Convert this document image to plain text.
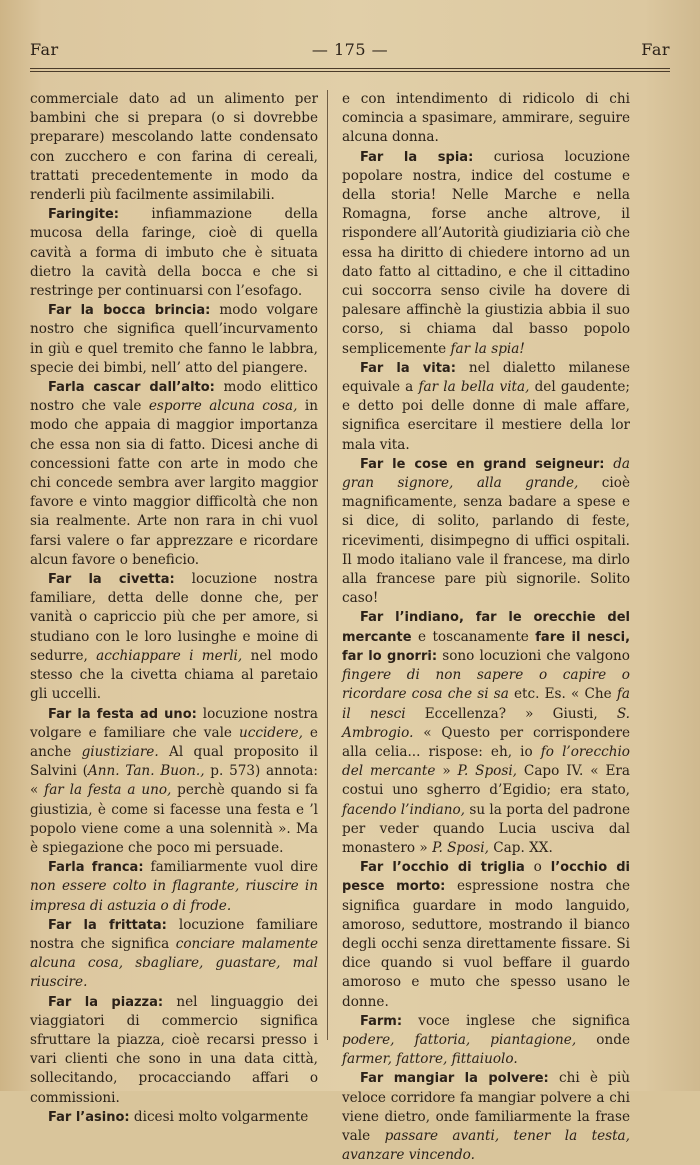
Far	— 175 —	Far

commerciale dato ad un alimento per bambini che si prepara (o si dovrebbe preparare) mescolando latte condensato con zucchero e con farina di cereali, trattati precedentemente in modo da renderli più facilmente assimilabili.

Faringite: infiammazione della mucosa della faringe, cioè di quella cavità a forma di imbuto che è situata dietro la cavità della bocca e che si restringe per continuarsi con l’esofago.

Far la bocca brincia: modo volgare nostro che significa quell’incurvamento in giù e quel tremito che fanno le labbra, specie dei bimbi, nell’ atto del piangere.

Farla cascar dall’alto: modo elittico nostro che vale esporre alcuna cosa, in modo che appaia di maggior importanza che essa non sia di fatto. Dicesi anche di concessioni fatte con arte in modo che chi concede sembra aver largito maggior favore e vinto maggior difficoltà che non sia realmente. Arte non rara in chi vuol farsi valere o far apprezzare e ricordare alcun favore o beneficio.

Far la civetta: locuzione nostra familiare, detta delle donne che, per vanità o capriccio più che per amore, si studiano con le loro lusinghe e moine di sedurre, acchiappare i merli, nel modo stesso che la civetta chiama al paretaio gli uccelli.

Far la festa ad uno: locuzione nostra volgare e familiare che vale uccidere, e anche giustiziare. Al qual proposito il Salvini (Ann. Tan. Buon., p. 573) annota: « far la festa a uno, perchè quando si fa giustizia, è come si facesse una festa e ’l popolo viene come a una solennità ». Ma è spiegazione che poco mi persuade.

Farla franca: familiarmente vuol dire non essere colto in flagrante, riuscire in impresa di astuzia o di frode.

Far la frittata: locuzione familiare nostra che significa conciare malamente alcuna cosa, sbagliare, guastare, mal riuscire.

Far la piazza: nel linguaggio dei viaggiatori di commercio significa sfruttare la piazza, cioè recarsi presso i vari clienti che sono in una data città, sollecitando, procacciando affari o commissioni.

Far l’asino: dicesi molto volgarmente

e con intendimento di ridicolo di chi comincia a spasimare, ammirare, seguire alcuna donna.

Far la spia: curiosa locuzione popolare nostra, indice del costume e della storia! Nelle Marche e nella Romagna, forse anche altrove, il rispondere all’Autorità giudiziaria ciò che essa ha diritto di chiedere intorno ad un dato fatto al cittadino, e che il cittadino cui soccorra senso civile ha dovere di palesare affinchè la giustizia abbia il suo corso, si chiama dal basso popolo semplicemente far la spia!

Far la vita: nel dialetto milanese equivale a far la bella vita, del gaudente; e detto poi delle donne di male affare, significa esercitare il mestiere della lor mala vita.

Far le cose en grand seigneur: da gran signore, alla grande, cioè magnificamente, senza badare a spese e si dice, di solito, parlando di feste, ricevimenti, disimpegno di uffici ospitali. Il modo italiano vale il francese, ma dirlo alla francese pare più signorile. Solito caso!

Far l’indiano, far le orecchie del mercante e toscanamente fare il nesci, far lo gnorri: sono locuzioni che valgono fingere di non sapere o capire o ricordare cosa che si sa etc. Es. « Che fa il nesci Eccellenza? » Giusti, S. Ambrogio. « Questo per corrispondere alla celia... rispose: eh, io fo l’orecchio del mercante » P. Sposi, Capo IV. « Era costui uno sgherro d’Egidio; era stato, facendo l’indiano, su la porta del padrone per veder quando Lucia usciva dal monastero » P. Sposi, Cap. XX.

Far l’occhio di triglia o l’occhio di pesce morto: espressione nostra che significa guardare in modo languido, amoroso, seduttore, mostrando il bianco degli occhi senza direttamente fissare. Si dice quando si vuol beffare il guardo amoroso e muto che spesso usano le donne.

Farm: voce inglese che significa podere, fattoria, piantagione, onde farmer, fattore, fittaiuolo.

Far mangiar la polvere: chi è più veloce corridore fa mangiar polvere a chi viene dietro, onde familiarmente la frase vale passare avanti, tener la testa, avanzare vincendo.
